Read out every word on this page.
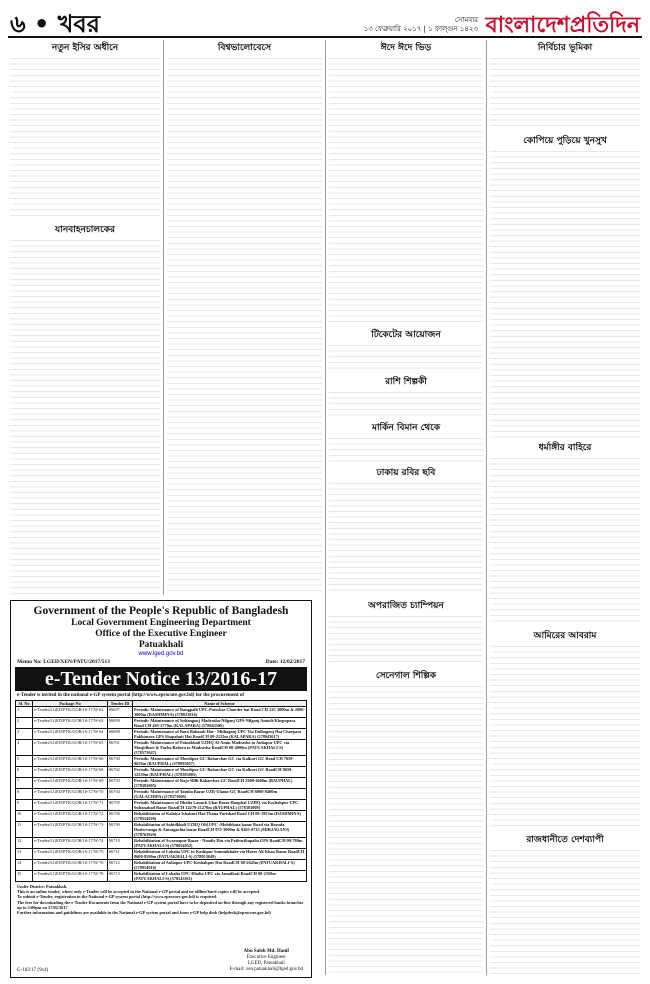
৬ • খবর	সোমবার
১৩ ফেব্রুয়ারি ২০১৭ | ১ ফাল্গুন ১৪২৩ বাংলাদেশপ্রতিদিন
নতুন ইসির অধীনে
যানবাহনচালকের
বিশ্বভালোবেসে	ঈদে ঈদে ভিড়
টিকেটের আয়োজন
রাশি শিল্পকী
মার্কিন বিমান থেকে
ঢাকায় রবির ছবি
অপরাজিত চ্যাম্পিয়ন
সেনেগাল শিল্পিক
নির্বিচার ভূমিকা
কোপিয়ে পুড়িয়ে খুনসুখ
ধর্মাঙ্গীর বাহিরে
আমিরের আবরাম
রাজধানীতে দেশব্যাপী
Government of the People's Republic of Bangladesh
Local Government Engineering Department
Office of the Executive Engineer
Patuakhali
www.lged.gov.bd
Memo No: LGED/XEN/PATU/2017/513	Date: 12/02/2017
e-Tender Notice 13/2016-17
e-Tender is invited in the national e-GP system portal (http://www.eprocure.gov.bd) for the procurement of
Sl. No	Package No	Tender ID	Name of Scheme
1	e-Tender/LGED/PTK/GOB/16-17/W-62	86697	Periodic Maintenance of Rangpalli UPC-Pateshar Chander hat Road CH 125-3000m & 2000-3000m (DASHMINA) (578023016)
2	e-Tender/LGED/PTK/GOB/16-17/W-63	86699	Periodic Maintenance of Sultangonj Madrasha-Nilganj GPS-Nilganj Amtoli-Khepupara Road CH 495-2770m (KALAPARA) (578043506)
3	e-Tender/LGED/PTK/GOB/16-17/W-64	86698	Periodic Maintenance of Baro Baliatali Hat - Mithaganj UPC Via Dulhagonj Hat Charpara Pakhimara GPS Shapahati Hat RoadCH 00-2125m (KALAPARA) (578043017)
4	e-Tender/LGED/PTK/GOB/16-17/W-65	86701	Periodic Maintenance of Patuakhali UZHQ Al-Amin Madrasha to Auliapur UPC via Masjidbari & Parba Bahera to Madrasha RoadCH 00-4000m (PATUAKHALI-S) (578573047)
5	e-Tender/LGED/PTK/GOB/16-17/W-66	86700	Periodic Maintenance of Moodipur GC-Baharchar GC via Kalkuri GC Road CH 7659-9659m (BAUPHAL) (578093057)
6	e-Tender/LGED/PTK/GOB/16-17/W-68	86702	Periodic Maintenance of Moodipur GC-Baharchar GC via Kalkuri GC RoadCH 9659-12559m (BAUPHAL) (578383005)
7	e-Tender/LGED/PTK/GOB/16-17/W-69	86703	Periodic Maintenance of Rajo-Hilli-Baharchar GC RoadCH 2600-4600m (BAUPHAL) (578383005)
8	e-Tender/LGED/PTK/GOB/16-17/W-70	86704	Periodic Maintenance of Tatulia Bazar UZR-Ulania-GC RoadCH 6000-8400m (GALACHIPA) (578373009)
9	e-Tender/LGED/PTK/GOB/16-17/W-71	86705	Periodic Maintenance of Dhalia Launch Ghat Bazar-Bauphal UZHQ via Keshabpur UPC Sultanabad Bazar RoadCH 14270-21270m (BAUPHAL) (578383009)
10	e-Tender/LGED/PTK/GOB/16-17/W-72	86706	Rehabilitation of Kalaiya Ishabari Hat-Thana Parishad Road CH 00-1953m (DASHMINA) (578524028)
11	e-Tender/LGED/PTK/GOB/16-17/W-73	86709	Rehabilitation of Subidkhali UZHQ Old UPC -Mohibhata bazar Road via Boruda Duttervanga & Amragachia bazar RoadCH 975-3000m & 9265-9735 (MIRJAGANJ) (578763020)
12	e-Tender/LGED/PTK/GOB/16-17/W-74	86710	Rehabilitation of Swarnapur Bazar - Nandir Hat via Pathuriltapalia GPS RoadCH 00-780m (PATUAKHALI-S) (578054052)
13	e-Tender/LGED/PTK/GOB/16-17/W-75	86711	Rehabilitation of Lohalia UPC to Kashipur Summikhaiir via Hazee Ali Khan Bazar RoadCH 8600-9500m (PATUAKHALI-S) (578953049)
14	e-Tender/LGED/PTK/GOB/16-17/W-76	86712	Rehabilitation of Auliapur UPC-Keshabpur Hat RoadCH 00-2645m (PATUAKHALI-S) (578954016)
15	e-Tender/LGED/PTK/GOB/16-17/W-78	86713	Rehabilitation of Lohalia UPC-Dhalia UPC via Jamalkati RoadCH 00-2350m (PATUAKHALI-S) (578543011)
Under District: Patuakhali.
This is an online tender, where only e-Tender will be accepted in the National e-GP portal and no offline/hard copies will be accepted.
To submit e-Tender, registration in the National e-GP system portal (http://www.eprocure.gov.bd) is required.
The fees for downloading the e-Tender Documents from the National e-GP system portal have to be deposited on-line through any registered banks branches up to 5:00pm on 27/02/2017
Further information and guidelines are available in the National e-GP system portal and from e-GP help desk (helpdesk@eprocure.gov.bd)
G-182/17 (9x4)
Abu Saleh Md. Hanif
Executive Engineer
LGED, Patuakhali
E-mail: xen.patuakhali@lged.gov.bd
